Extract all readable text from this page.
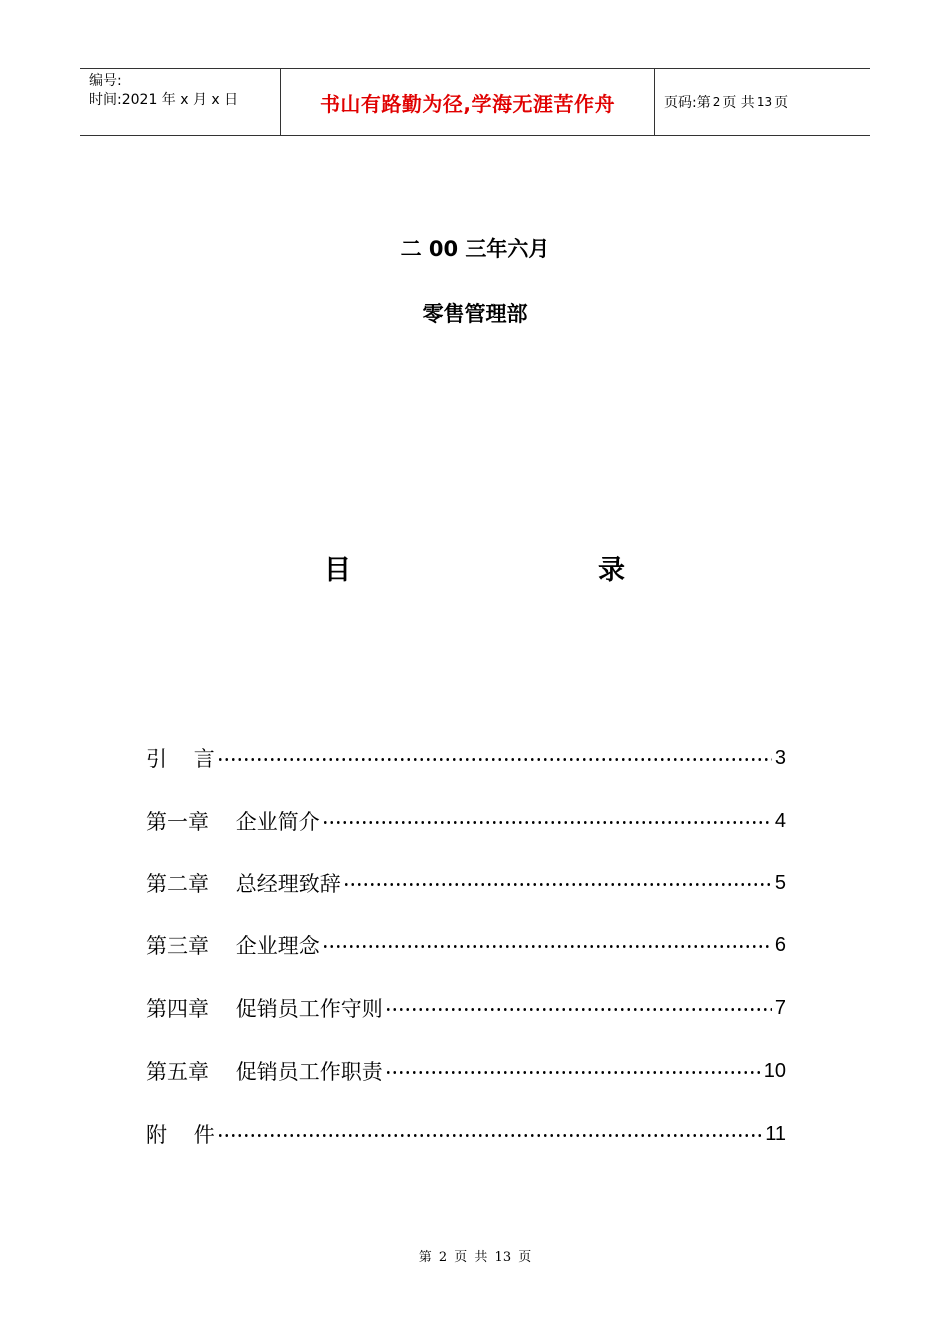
编号:
时间:2021 年 x 月 x 日	书山有路勤为径,学海无涯苦作舟	页码:第 2 页 共 13 页
二 00 三年六月
零售管理部
目	录
引    言	3
第一章    企业简介	4
第二章    总经理致辞	5
第三章    企业理念	6
第四章    促销员工作守则	7
第五章    促销员工作职责	10
附    件	11
第 2 页 共 13 页
